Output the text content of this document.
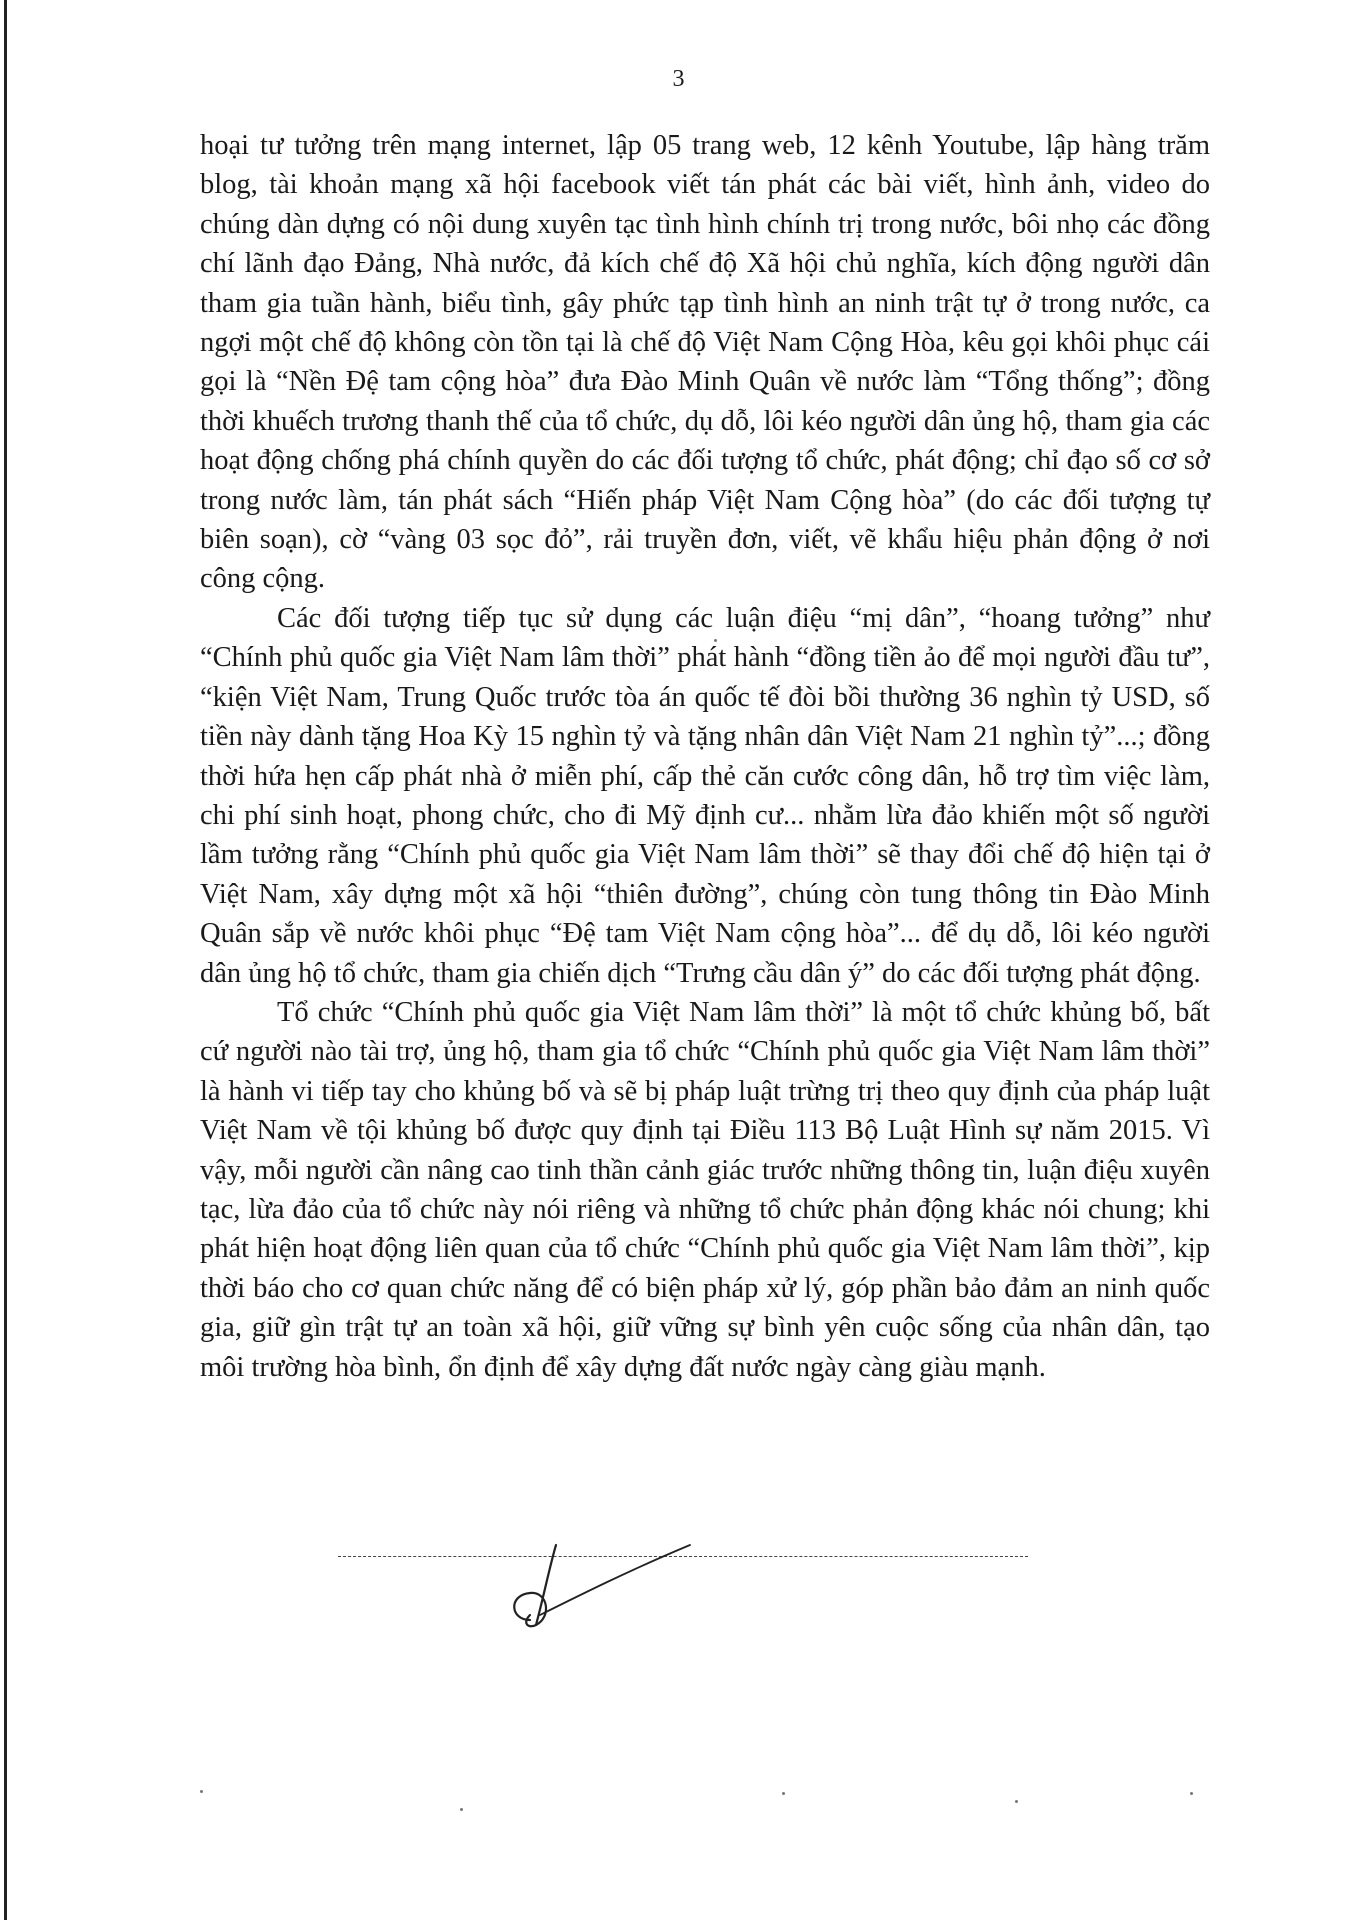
3

hoại tư tưởng trên mạng internet, lập 05 trang web, 12 kênh Youtube, lập hàng trăm blog, tài khoản mạng xã hội facebook viết tán phát các bài viết, hình ảnh, video do chúng dàn dựng có nội dung xuyên tạc tình hình chính trị trong nước, bôi nhọ các đồng chí lãnh đạo Đảng, Nhà nước, đả kích chế độ Xã hội chủ nghĩa, kích động người dân tham gia tuần hành, biểu tình, gây phức tạp tình hình an ninh trật tự ở trong nước, ca ngợi một chế độ không còn tồn tại là chế độ Việt Nam Cộng Hòa, kêu gọi khôi phục cái gọi là “Nền Đệ tam cộng hòa” đưa Đào Minh Quân về nước làm “Tổng thống”; đồng thời khuếch trương thanh thế của tổ chức, dụ dỗ, lôi kéo người dân ủng hộ, tham gia các hoạt động chống phá chính quyền do các đối tượng tổ chức, phát động; chỉ đạo số cơ sở trong nước làm, tán phát sách “Hiến pháp Việt Nam Cộng hòa” (do các đối tượng tự biên soạn), cờ “vàng 03 sọc đỏ”, rải truyền đơn, viết, vẽ khẩu hiệu phản động ở nơi công cộng.

Các đối tượng tiếp tục sử dụng các luận điệu “mị dân”, “hoang tưởng” như “Chính phủ quốc gia Việt Nam lâm thời” phát hành “đồng tiền ảo để mọi người đầu tư”, “kiện Việt Nam, Trung Quốc trước tòa án quốc tế đòi bồi thường 36 nghìn tỷ USD, số tiền này dành tặng Hoa Kỳ 15 nghìn tỷ và tặng nhân dân Việt Nam 21 nghìn tỷ”...; đồng thời hứa hẹn cấp phát nhà ở miễn phí, cấp thẻ căn cước công dân, hỗ trợ tìm việc làm, chi phí sinh hoạt, phong chức, cho đi Mỹ định cư... nhằm lừa đảo khiến một số người lầm tưởng rằng “Chính phủ quốc gia Việt Nam lâm thời” sẽ thay đổi chế độ hiện tại ở Việt Nam, xây dựng một xã hội “thiên đường”, chúng còn tung thông tin Đào Minh Quân sắp về nước khôi phục “Đệ tam Việt Nam cộng hòa”... để dụ dỗ, lôi kéo người dân ủng hộ tổ chức, tham gia chiến dịch “Trưng cầu dân ý” do các đối tượng phát động.

Tổ chức “Chính phủ quốc gia Việt Nam lâm thời” là một tổ chức khủng bố, bất cứ người nào tài trợ, ủng hộ, tham gia tổ chức “Chính phủ quốc gia Việt Nam lâm thời” là hành vi tiếp tay cho khủng bố và sẽ bị pháp luật trừng trị theo quy định của pháp luật Việt Nam về tội khủng bố được quy định tại Điều 113 Bộ Luật Hình sự năm 2015. Vì vậy, mỗi người cần nâng cao tinh thần cảnh giác trước những thông tin, luận điệu xuyên tạc, lừa đảo của tổ chức này nói riêng và những tổ chức phản động khác nói chung; khi phát hiện hoạt động liên quan của tổ chức “Chính phủ quốc gia Việt Nam lâm thời”, kịp thời báo cho cơ quan chức năng để có biện pháp xử lý, góp phần bảo đảm an ninh quốc gia, giữ gìn trật tự an toàn xã hội, giữ vững sự bình yên cuộc sống của nhân dân, tạo môi trường hòa bình, ổn định để xây dựng đất nước ngày càng giàu mạnh.
